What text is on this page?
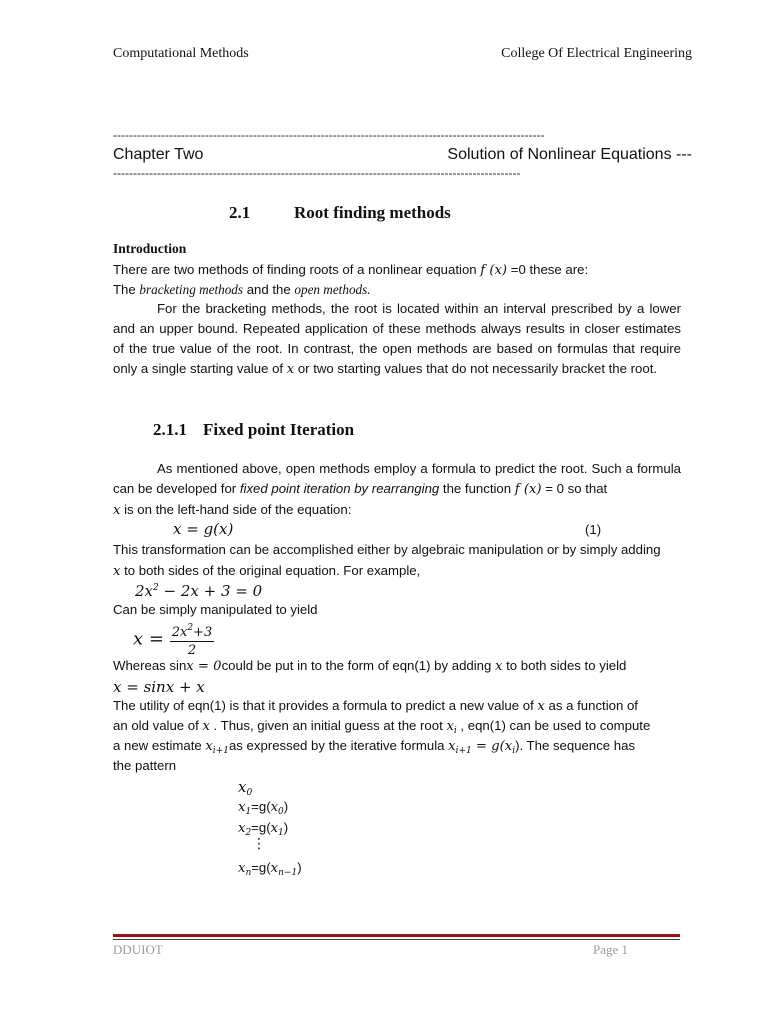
Computational Methods	College Of Electrical Engineering
------------------------------------------------------------------------------------------------------------
Chapter Two	Solution of Nonlinear Equations ---
------------------------------------------------------------------------------------------------------
2.1	Root finding methods
Introduction
There are two methods of finding roots of a nonlinear equation f (x) =0 these are:
The bracketing methods and the open methods.
For the bracketing methods, the root is located within an interval prescribed by a lower and an upper bound. Repeated application of these methods always results in closer estimates of the true value of the root. In contrast, the open methods are based on formulas that require only a single starting value of x or two starting values that do not necessarily bracket the root.
2.1.1 Fixed point Iteration
As mentioned above, open methods employ a formula to predict the root. Such a formula can be developed for fixed point iteration by rearranging the function f (x) = 0 so that
x is on the left-hand side of the equation:
x = g(x)	(1)
This transformation can be accomplished either by algebraic manipulation or by simply adding
x to both sides of the original equation. For example,
$2x^2 - 2x + 3 = 0$
Can be simply manipulated to yield
$x = \frac{2x^2+3}{2}$
Whereas sinx = 0could be put in to the form of eqn(1) by adding x to both sides to yield
x = sinx + x
The utility of eqn(1) is that it provides a formula to predict a new value of x as a function of
an old value of x . Thus, given an initial guess at the root $x_i$ , eqn(1) can be used to compute
a new estimate $x_{i+1}as$ expressed by the iterative formula $x_{i+1} = g(x_i)$. The sequence has
the pattern
$x_0$
$x_1=g(x_0)$
$x_2=g(x_1)$
⋮
$x_n=g(x_{n-1})$
DDUIOT	Page 1
